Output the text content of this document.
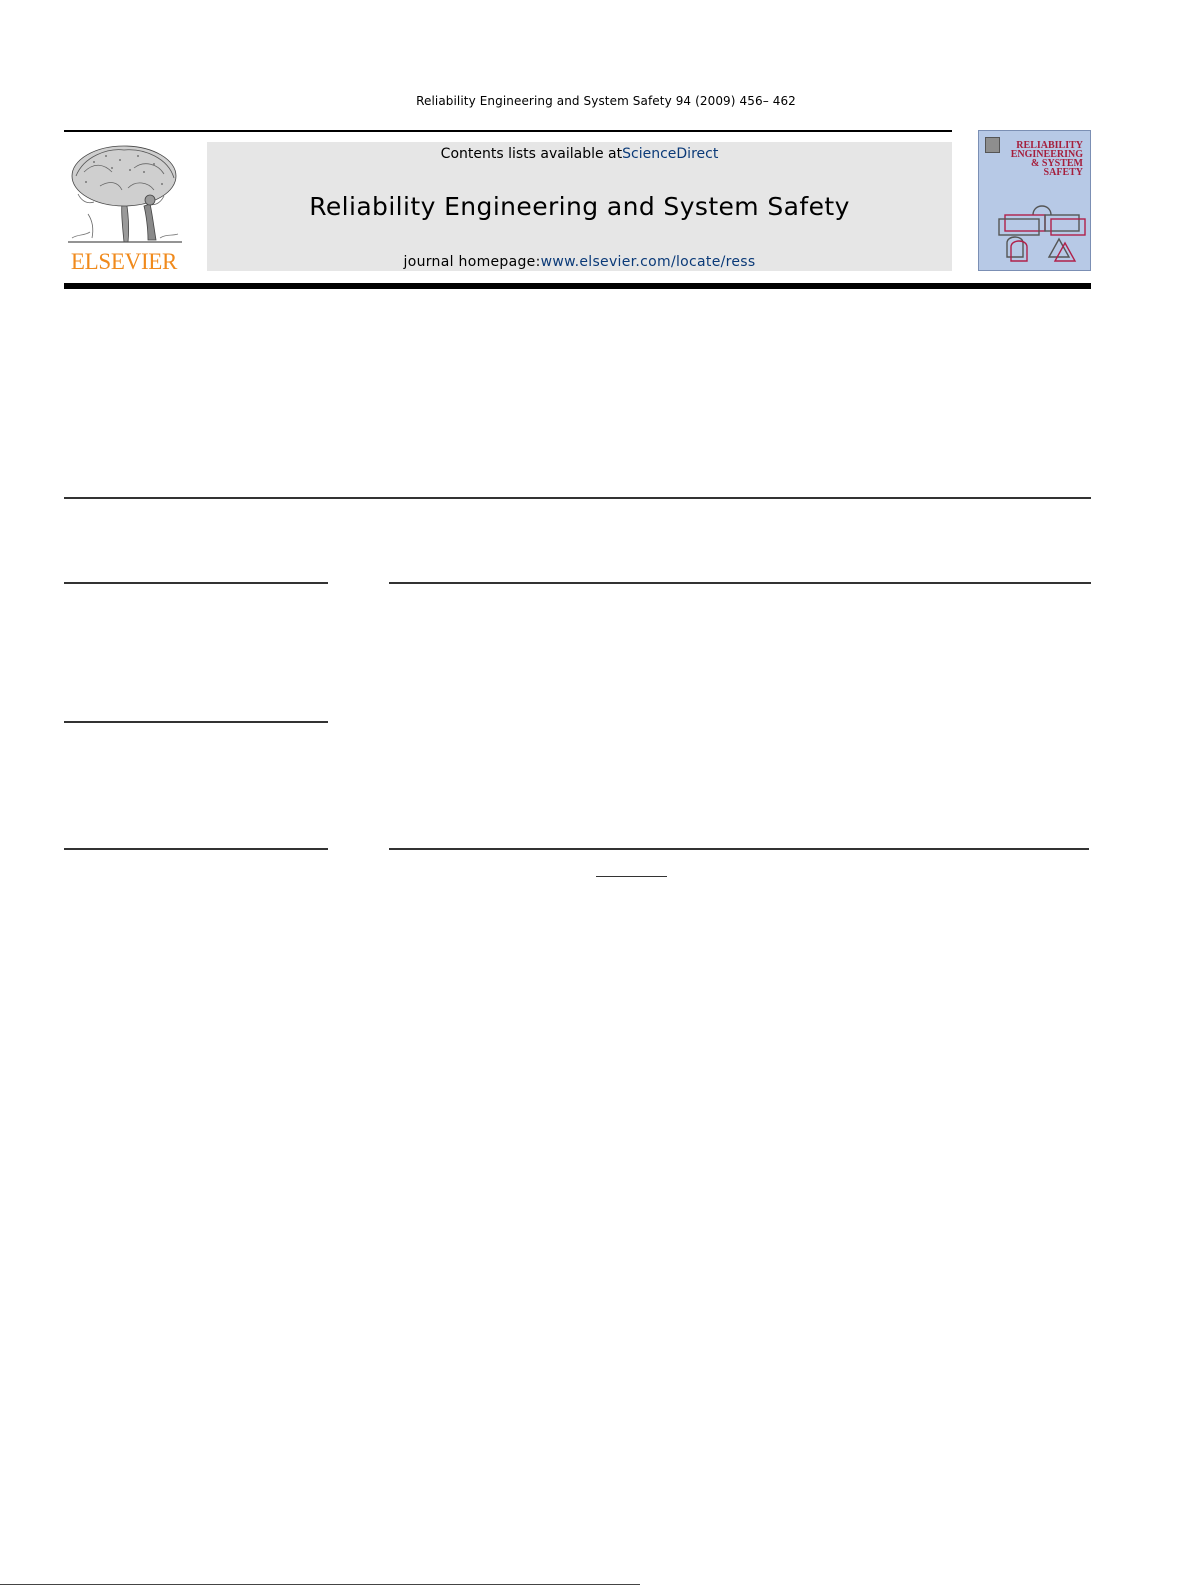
Reliability Engineering and System Safety 94 (2009) 456– 462
ELSEVIER
Contents lists available atScienceDirect
Reliability Engineering and System Safety
journal homepage:www.elsevier.com/locate/ress
RELIABILITY
ENGINEERING
& SYSTEM
SAFETY
